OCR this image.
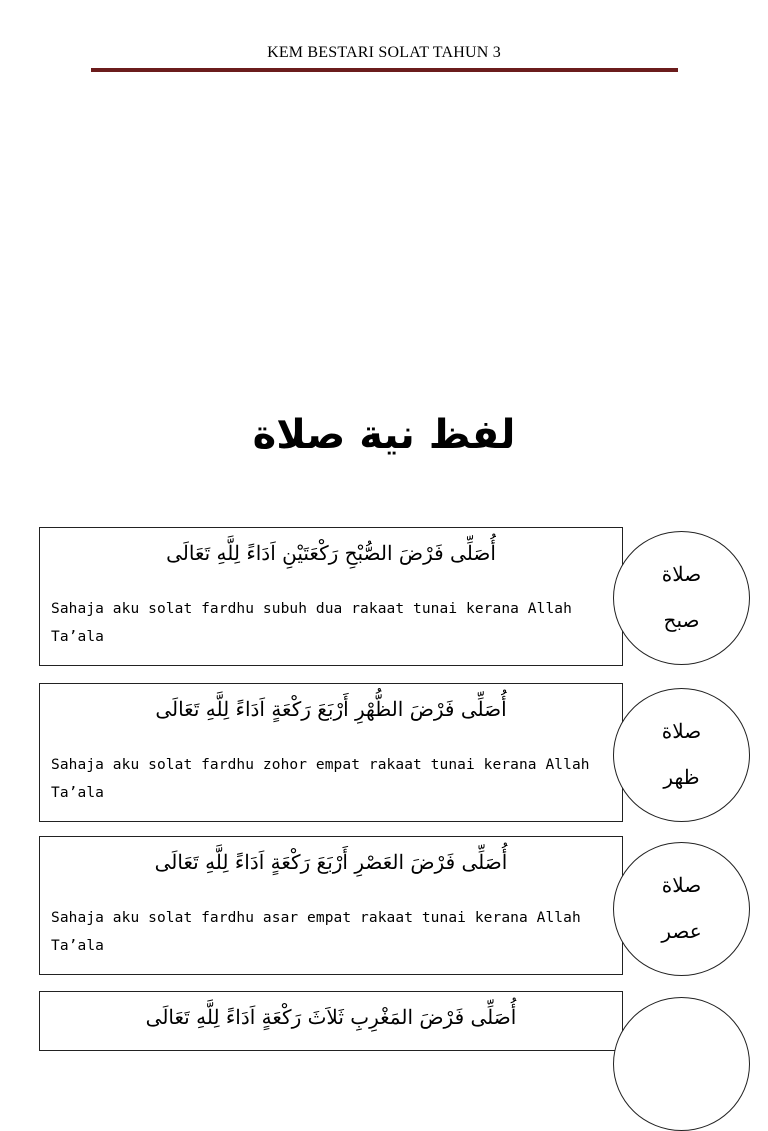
KEM BESTARI SOLAT TAHUN 3
لفظ نية صلاة
أُصَلِّى فَرْضَ الصُّبْحِ رَكْعَتَيْنِ اَدَاءً لِلَّهِ تَعَالَى
Sahaja aku solat fardhu subuh dua rakaat tunai kerana Allah Ta’ala
صلاة
صبح
أُصَلِّى فَرْضَ الظُّهْرِ أَرْبَعَ رَكْعَةٍ اَدَاءً لِلَّهِ تَعَالَى
Sahaja aku solat fardhu zohor empat rakaat tunai kerana Allah Ta’ala
صلاة
ظهر
أُصَلِّى فَرْضَ العَصْرِ أَرْبَعَ رَكْعَةٍ اَدَاءً لِلَّهِ تَعَالَى
Sahaja aku solat fardhu asar empat rakaat tunai kerana Allah Ta’ala
صلاة
عصر
أُصَلِّى فَرْضَ المَغْرِبِ ثَلاَثَ رَكْعَةٍ اَدَاءً لِلَّهِ تَعَالَى
